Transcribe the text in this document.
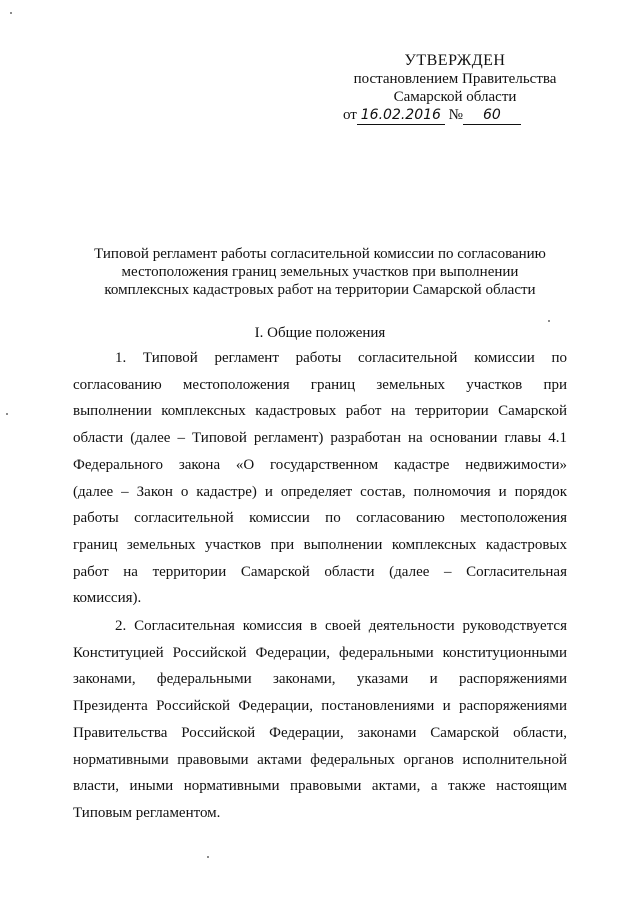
УТВЕРЖДЕН
постановлением Правительства
Самарской области
от 16.02.2016 № 60
Типовой регламент работы согласительной комиссии по согласованию
местоположения границ земельных участков при выполнении
комплексных кадастровых работ на территории Самарской области
I. Общие положения
1. Типовой регламент работы согласительной комиссии по
согласованию местоположения границ земельных участков при
выполнении комплексных кадастровых работ на территории Самарской
области (далее – Типовой регламент) разработан на основании главы 4.1
Федерального закона «О государственном кадастре недвижимости»
(далее – Закон о кадастре) и определяет состав, полномочия и порядок
работы согласительной комиссии по согласованию местоположения
границ земельных участков при выполнении комплексных кадастровых
работ на территории Самарской области (далее – Согласительная
комиссия).
2. Согласительная комиссия в своей деятельности руководствуется
Конституцией Российской Федерации, федеральными конституционными
законами, федеральными законами, указами и распоряжениями
Президента Российской Федерации, постановлениями и распоряжениями
Правительства Российской Федерации, законами Самарской области,
нормативными правовыми актами федеральных органов исполнительной
власти, иными нормативными правовыми актами, а также настоящим
Типовым регламентом.
